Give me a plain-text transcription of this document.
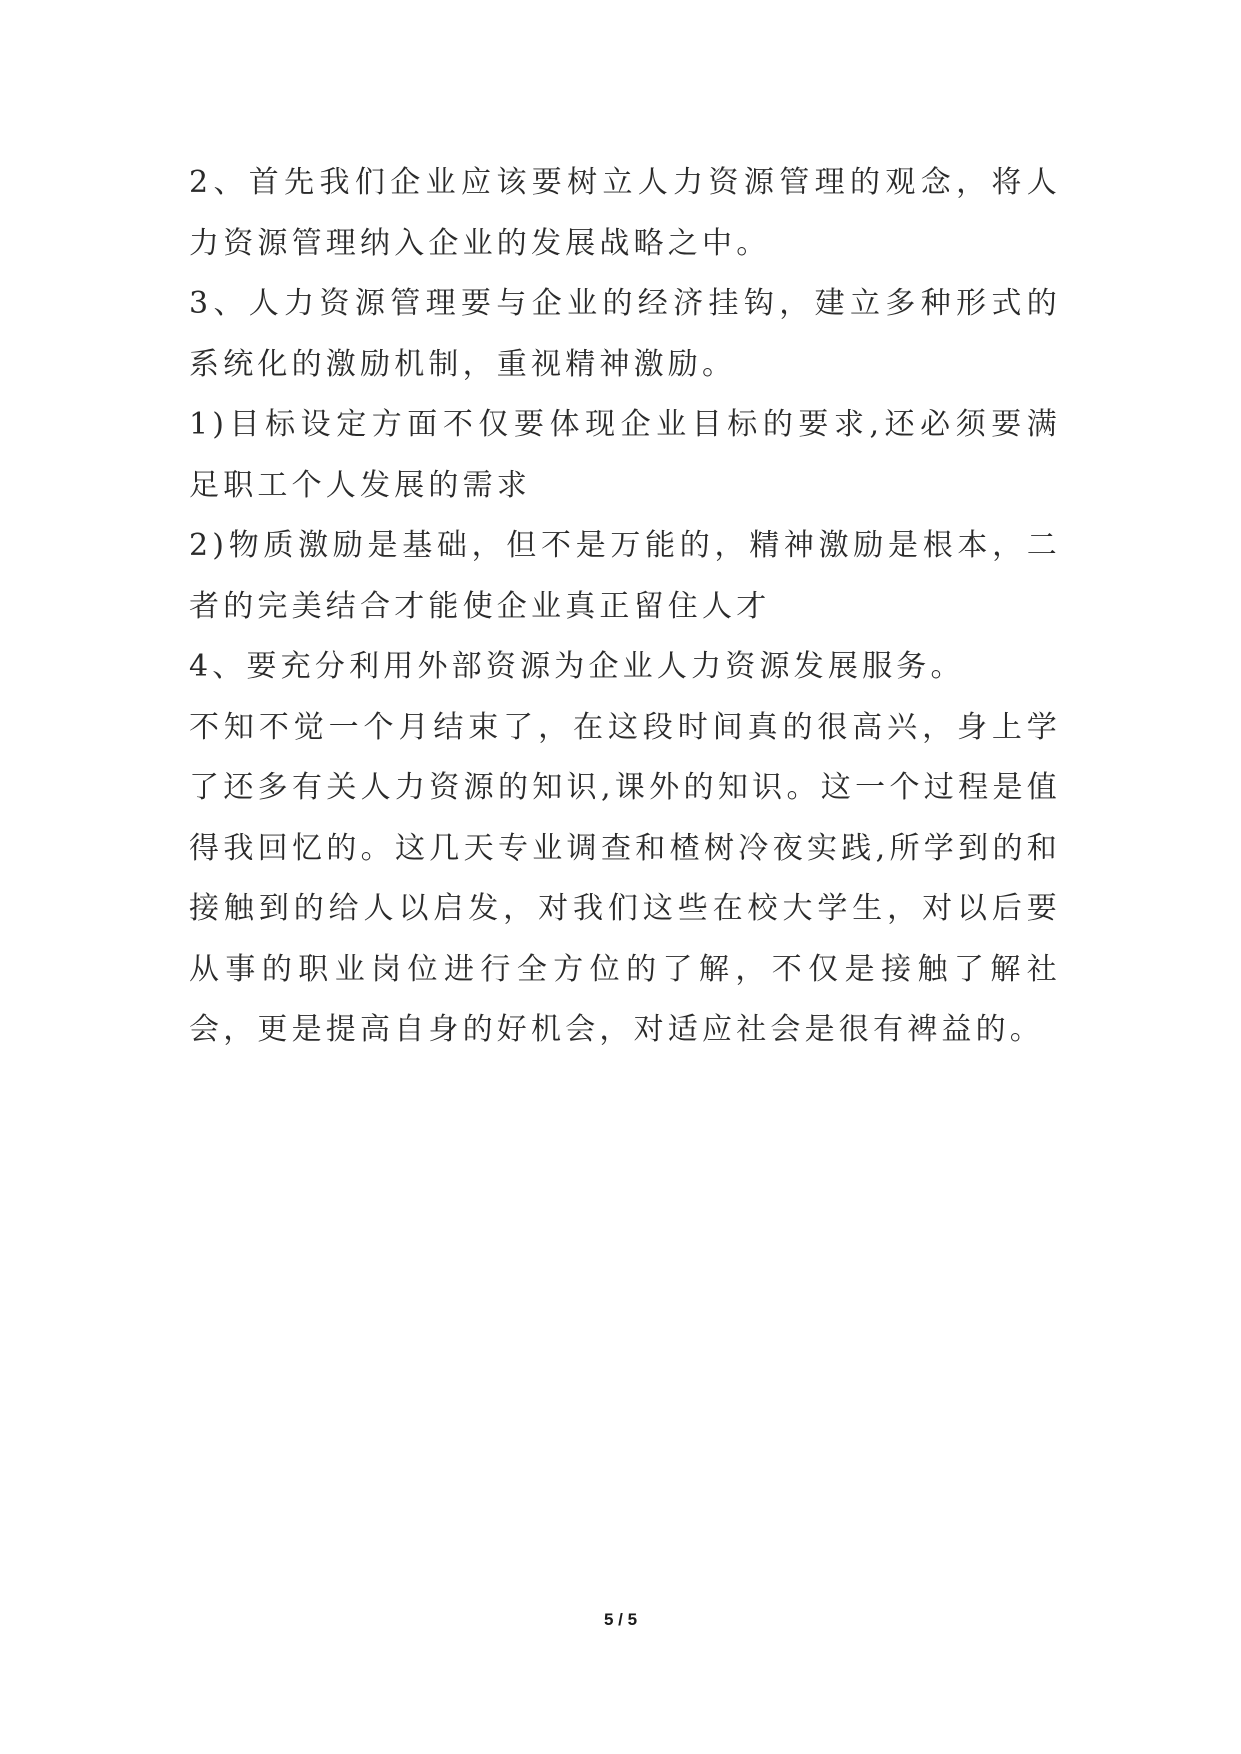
2、首先我们企业应该要树立人力资源管理的观念，将人力资源管理纳入企业的发展战略之中。

3、人力资源管理要与企业的经济挂钩，建立多种形式的系统化的激励机制，重视精神激励。

1)目标设定方面不仅要体现企业目标的要求,还必须要满足职工个人发展的需求

2)物质激励是基础，但不是万能的，精神激励是根本，二者的完美结合才能使企业真正留住人才

4、要充分利用外部资源为企业人力资源发展服务。

不知不觉一个月结束了，在这段时间真的很高兴，身上学了还多有关人力资源的知识,课外的知识。这一个过程是值得我回忆的。这几天专业调查和楂树冷夜实践,所学到的和接触到的给人以启发，对我们这些在校大学生，对以后要从事的职业岗位进行全方位的了解，不仅是接触了解社会，更是提高自身的好机会，对适应社会是很有裨益的。

5 / 5
